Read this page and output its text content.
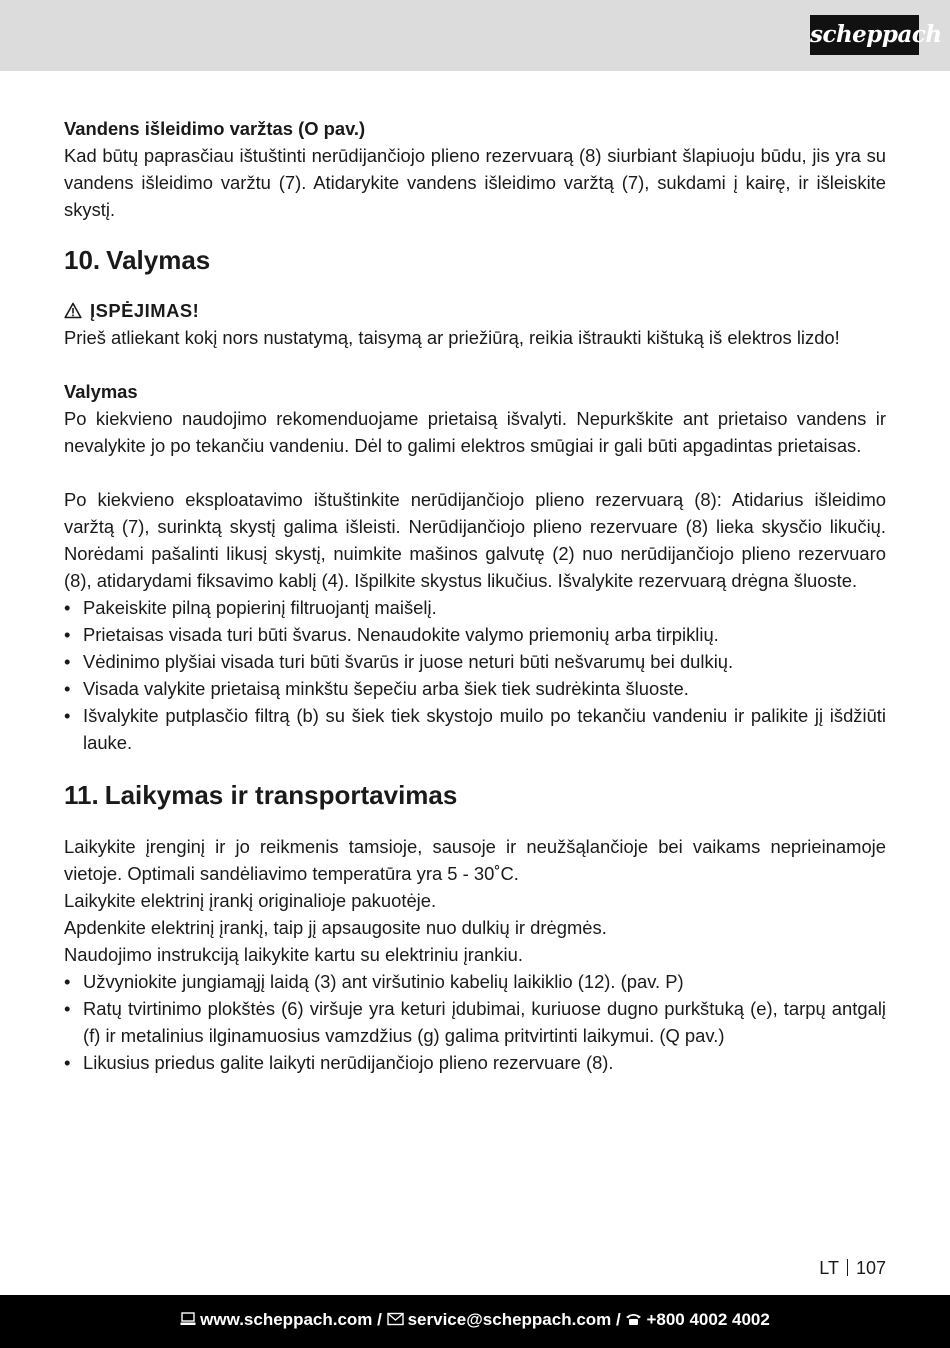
scheppach

Vandens išleidimo varžtas (O pav.)

Kad būtų paprasčiau ištuštinti nerūdijančiojo plieno rezervuarą (8) siurbiant šlapiuoju būdu, jis yra su vandens išleidimo varžtu (7). Atidarykite vandens išleidimo varžtą (7), sukdami į kairę, ir išleiskite skystį.

10. Valymas

ĮSPĖJIMAS!

Prieš atliekant kokį nors nustatymą, taisymą ar priežiūrą, reikia ištraukti kištuką iš elektros lizdo!

Valymas

Po kiekvieno naudojimo rekomenduojame prietaisą išvalyti. Nepurkškite ant prietaiso vandens ir nevalykite jo po tekančiu vandeniu. Dėl to galimi elektros smūgiai ir gali būti apgadintas prietaisas.

Po kiekvieno eksploatavimo ištuštinkite nerūdijančiojo plieno rezervuarą (8): Atidarius išleidimo varžtą (7), surinktą skystį galima išleisti. Nerūdijančiojo plieno rezervuare (8) lieka skysčio likučių. Norėdami pašalinti likusį skystį, nuimkite mašinos galvutę (2) nuo nerūdijančiojo plieno rezervuaro (8), atidarydami fiksavimo kablį (4). Išpilkite skystus likučius. Išvalykite rezervuarą drėgna šluoste.

• Pakeiskite pilną popierinį filtruojantį maišelį.
• Prietaisas visada turi būti švarus. Nenaudokite valymo priemonių arba tirpiklių.
• Vėdinimo plyšiai visada turi būti švarūs ir juose neturi būti nešvarumų bei dulkių.
• Visada valykite prietaisą minkštu šepečiu arba šiek tiek sudrėkinta šluoste.
• Išvalykite putplasčio filtrą (b) su šiek tiek skystojo muilo po tekančiu vandeniu ir palikite jį išdžiūti lauke.
11. Laikymas ir transportavimas

Laikykite įrenginį ir jo reikmenis tamsioje, sausoje ir neužšąlančioje bei vaikams neprieinamoje vietoje. Optimali sandėliavimo temperatūra yra 5 - 30˚C.

Laikykite elektrinį įrankį originalioje pakuotėje.

Apdenkite elektrinį įrankį, taip jį apsaugosite nuo dulkių ir drėgmės.

Naudojimo instrukciją laikykite kartu su elektriniu įrankiu.

• Užvyniokite jungiamąjį laidą (3) ant viršutinio kabelių laikiklio (12). (pav. P)
• Ratų tvirtinimo plokštės (6) viršuje yra keturi įdubimai, kuriuose dugno purkštuką (e), tarpų antgalį (f) ir metalinius ilginamuosius vamzdžius (g) galima pritvirtinti laikymui. (Q pav.)
• Likusius priedus galite laikyti nerūdijančiojo plieno rezervuare (8).
LT 107
www.scheppach.com / service@scheppach.com / +800 4002 4002
